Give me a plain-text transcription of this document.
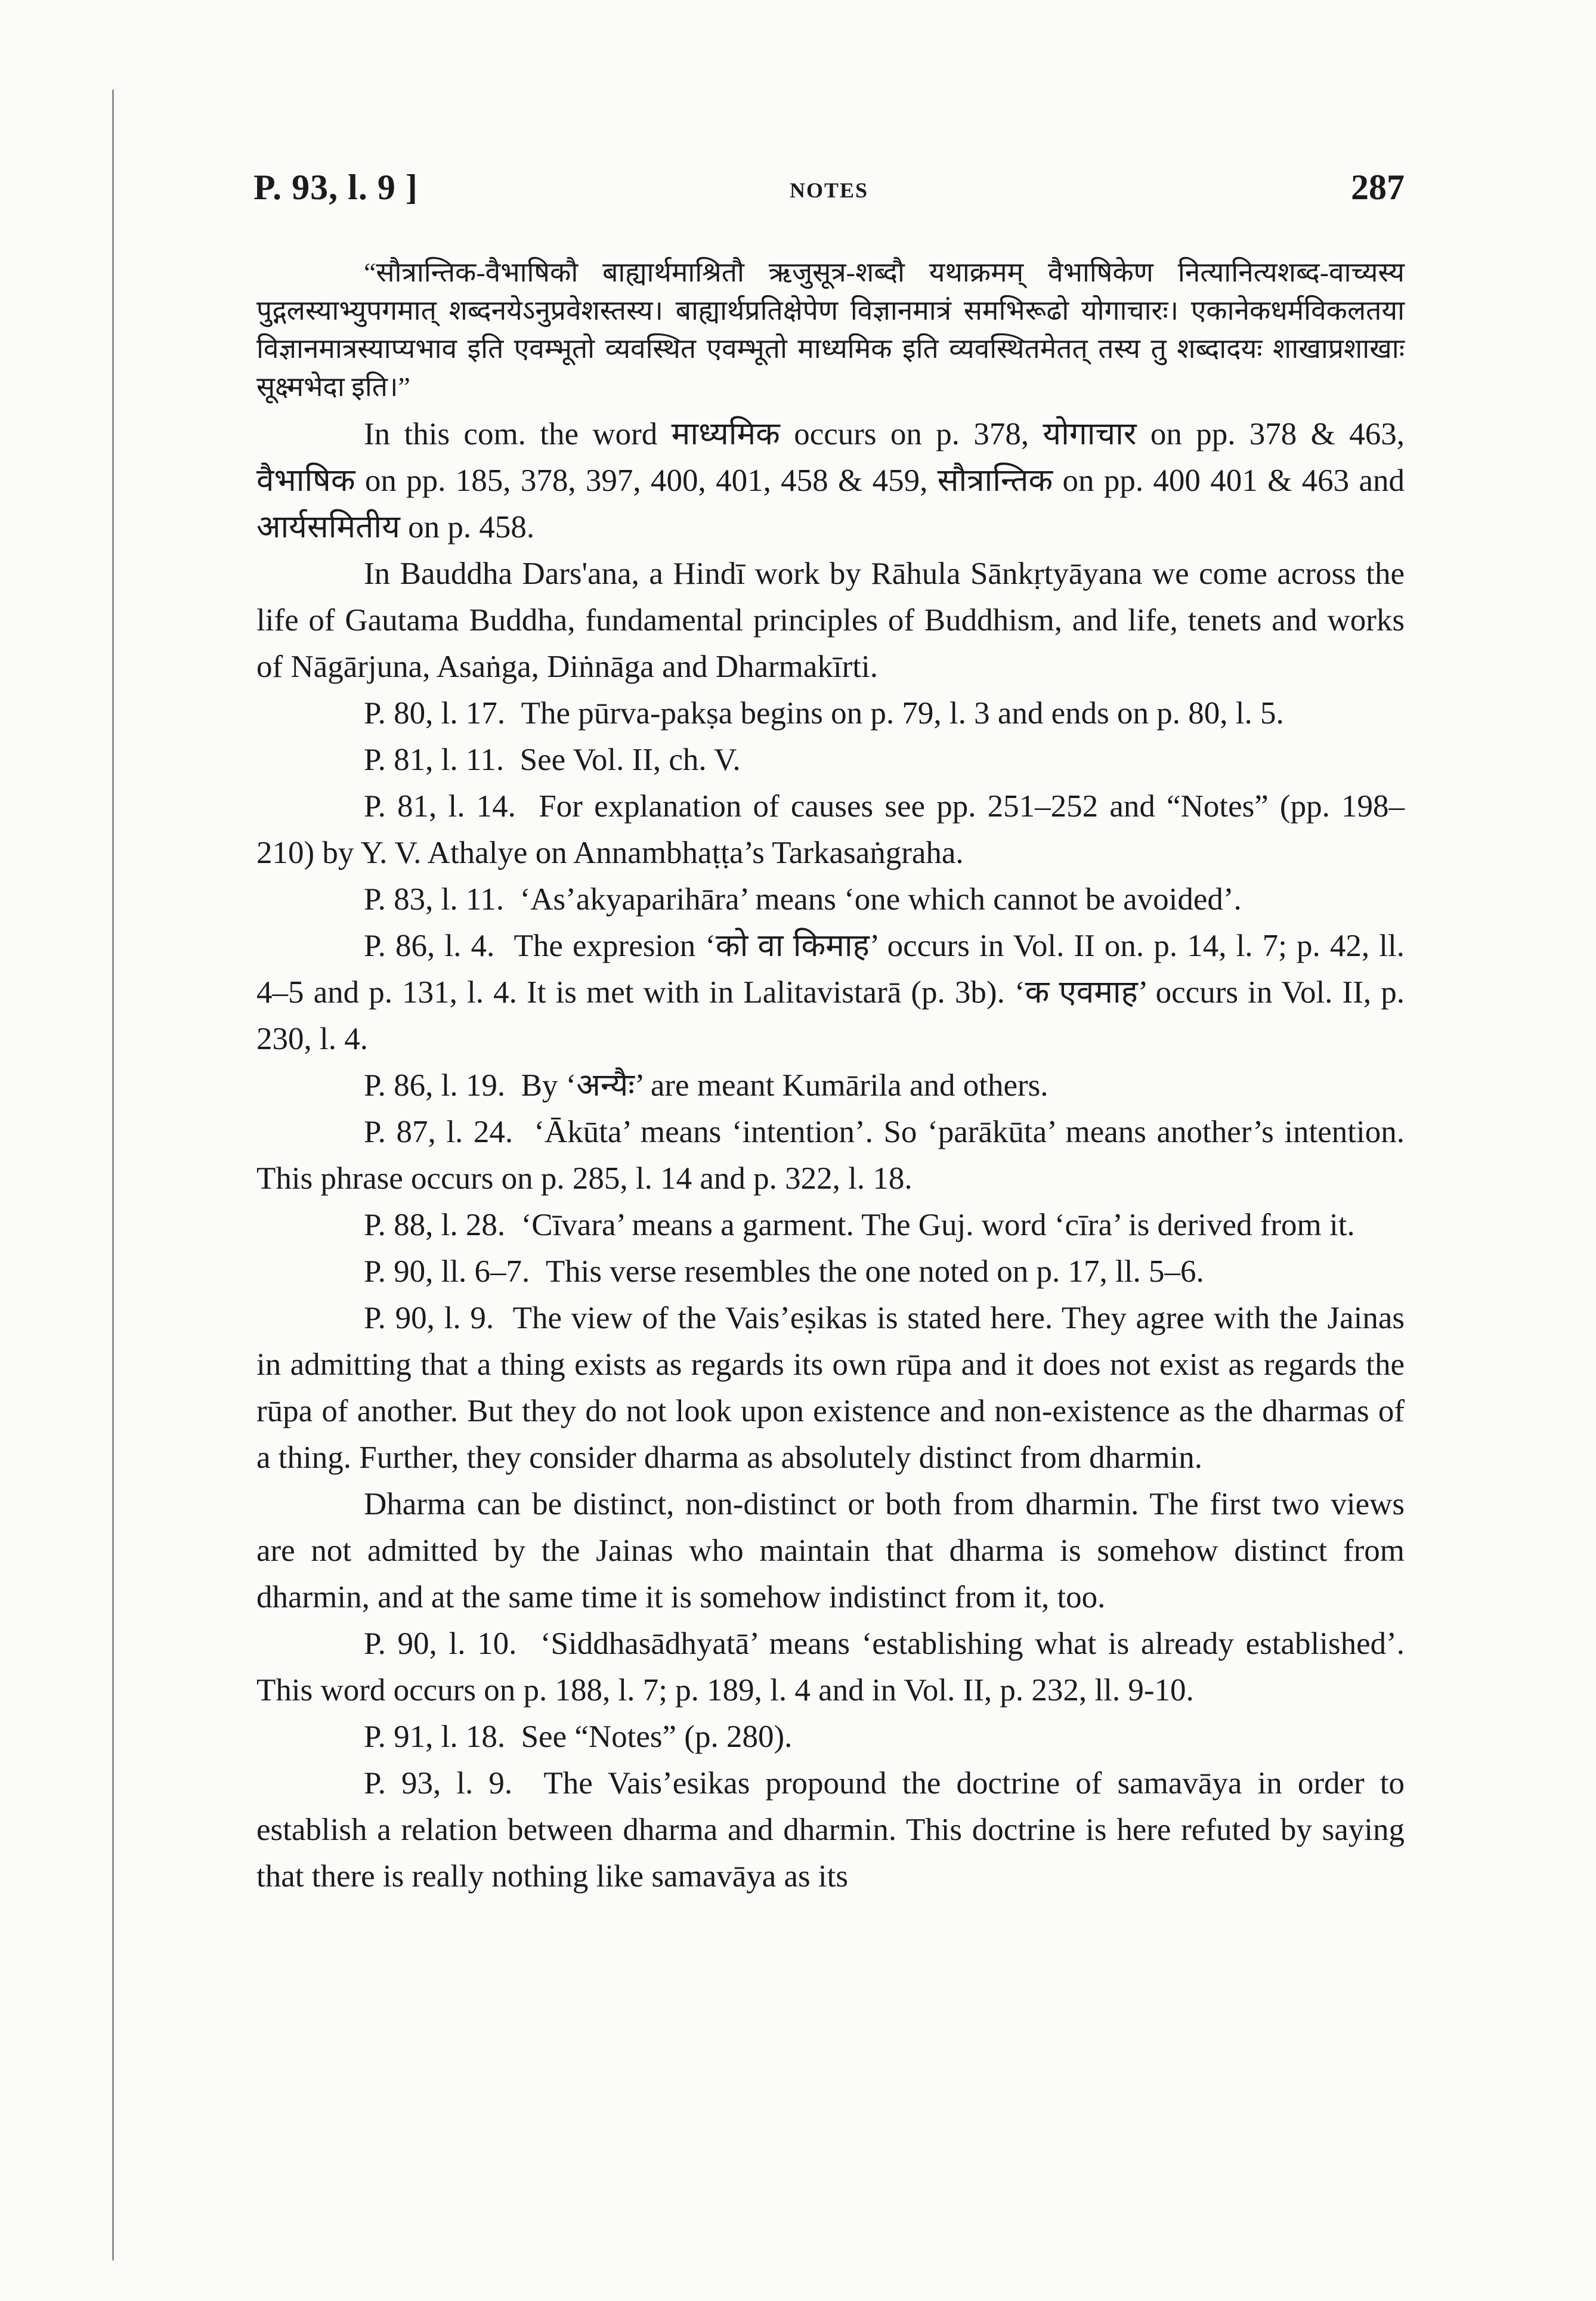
P. 93, l. 9 ]	NOTES	287

“सौत्रान्तिक-वैभाषिकौ बाह्यार्थमाश्रितौ ऋजुसूत्र-शब्दौ यथाक्रमम् वैभाषिकेण नित्यानित्यशब्द-वाच्यस्य पुद्गलस्याभ्युपगमात् शब्दनयेऽनुप्रवेशस्तस्य। बाह्यार्थप्रतिक्षेपेण विज्ञानमात्रं समभिरूढो योगाचारः। एकानेकधर्मविकलतया विज्ञानमात्रस्याप्यभाव इति एवम्भूतो व्यवस्थित एवम्भूतो माध्यमिक इति व्यवस्थितमेतत् तस्य तु शब्दादयः शाखाप्रशाखाः सूक्ष्मभेदा इति।”

In this com. the word माध्यमिक occurs on p. 378, योगाचार on pp. 378 & 463, वैभाषिक on pp. 185, 378, 397, 400, 401, 458 & 459, सौत्रान्तिक on pp. 400 401 & 463 and आर्यसमितीय on p. 458.

In Bauddha Dars'ana, a Hindī work by Rāhula Sānkṛtyāyana we come across the life of Gautama Buddha, fundamental principles of Buddhism, and life, tenets and works of Nāgārjuna, Asaṅga, Diṅnāga and Dharmakīrti.

P. 80, l. 17. The pūrva-pakṣa begins on p. 79, l. 3 and ends on p. 80, l. 5.

P. 81, l. 11. See Vol. II, ch. V.

P. 81, l. 14. For explanation of causes see pp. 251–252 and “Notes” (pp. 198–210) by Y. V. Athalye on Annambhaṭṭa’s Tarkasaṅgraha.

P. 83, l. 11. ‘As’akyaparihāra’ means ‘one which cannot be avoided’.

P. 86, l. 4. The expresion ‘को वा किमाह’ occurs in Vol. II on. p. 14, l. 7; p. 42, ll. 4–5 and p. 131, l. 4. It is met with in Lalitavistarā (p. 3b). ‘क एवमाह’ occurs in Vol. II, p. 230, l. 4.

P. 86, l. 19. By ‘अन्यैः’ are meant Kumārila and others.

P. 87, l. 24. ‘Ākūta’ means ‘intention’. So ‘parākūta’ means another’s intention. This phrase occurs on p. 285, l. 14 and p. 322, l. 18.

P. 88, l. 28. ‘Cīvara’ means a garment. The Guj. word ‘cīra’ is derived from it.

P. 90, ll. 6–7. This verse resembles the one noted on p. 17, ll. 5–6.

P. 90, l. 9. The view of the Vais’eṣikas is stated here. They agree with the Jainas in admitting that a thing exists as regards its own rūpa and it does not exist as regards the rūpa of another. But they do not look upon existence and non-existence as the dharmas of a thing. Further, they consider dharma as absolutely distinct from dharmin.

Dharma can be distinct, non-distinct or both from dharmin. The first two views are not admitted by the Jainas who maintain that dharma is somehow distinct from dharmin, and at the same time it is somehow indistinct from it, too.

P. 90, l. 10. ‘Siddhasādhyatā’ means ‘establishing what is already established’. This word occurs on p. 188, l. 7; p. 189, l. 4 and in Vol. II, p. 232, ll. 9-10.

P. 91, l. 18. See “Notes” (p. 280).

P. 93, l. 9. The Vais’esikas propound the doctrine of samavāya in order to establish a relation between dharma and dharmin. This doctrine is here refuted by saying that there is really nothing like samavāya as its
